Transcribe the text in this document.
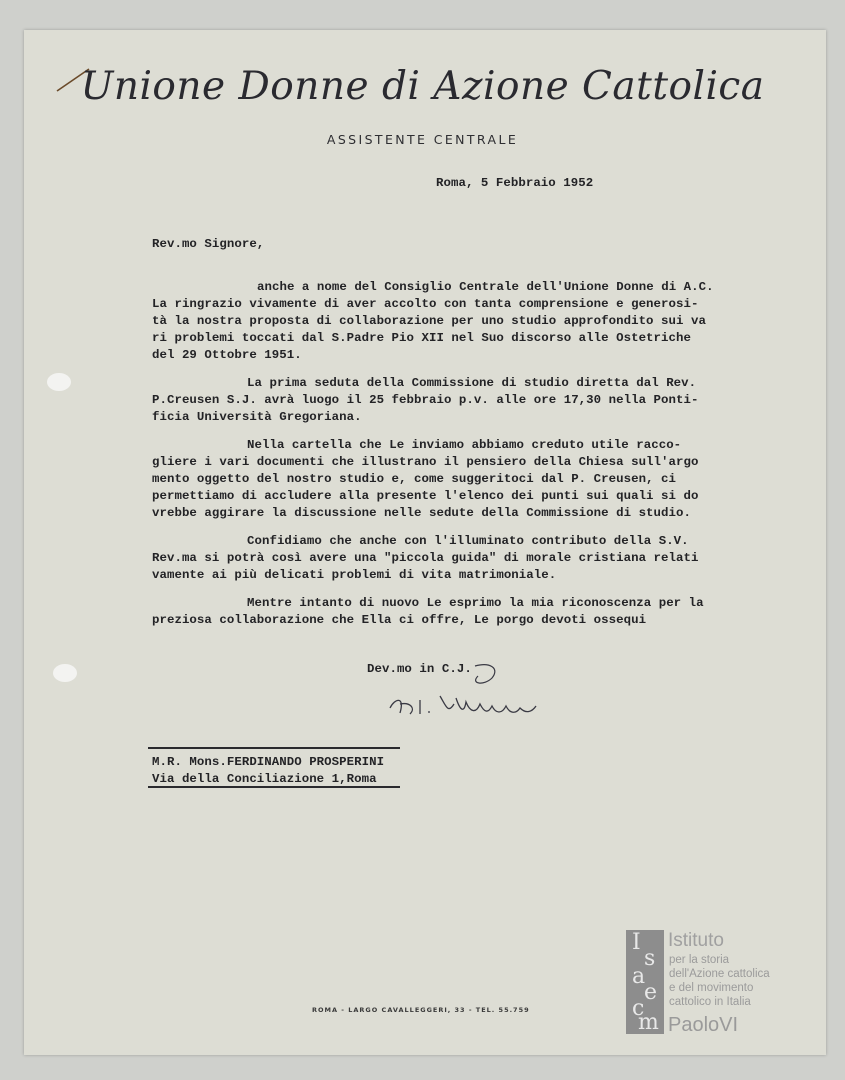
Unione Donne di Azione Cattolica
ASSISTENTE CENTRALE
Roma, 5 Febbraio 1952
Rev.mo Signore,
anche a nome del Consiglio Centrale dell'Unione Donne di A.C.
La ringrazio vivamente di aver accolto con tanta comprensione e generosi-
tà la nostra proposta di collaborazione per uno studio approfondito sui va
ri problemi toccati dal S.Padre Pio XII nel Suo discorso alle Ostetriche
del 29 Ottobre 1951.
La prima seduta della Commissione di studio diretta dal Rev.
P.Creusen S.J. avrà luogo il 25 febbraio p.v. alle ore 17,30 nella Ponti-
ficia Università Gregoriana.
Nella cartella che Le inviamo abbiamo creduto utile racco-
gliere i vari documenti che illustrano il pensiero della Chiesa sull'argo
mento oggetto del nostro studio e, come suggeritoci dal P. Creusen, ci
permettiamo di accludere alla presente l'elenco dei punti sui quali si do
vrebbe aggirare la discussione nelle sedute della Commissione di studio.
Confidiamo che anche con l'illuminato contributo della S.V.
Rev.ma si potrà così avere una "piccola guida" di morale cristiana relati
vamente ai più delicati problemi di vita matrimoniale.
Mentre intanto di nuovo Le esprimo la mia riconoscenza per la
preziosa collaborazione che Ella ci offre, Le porgo devoti ossequi
Dev.mo in C.J.
M.R. Mons.FERDINANDO PROSPERINI
Via della Conciliazione 1,Roma
ROMA - LARGO CAVALLEGGERI, 33 - TEL. 55.759
I
s
a
e
c
m
Istituto
per la storia
dell'Azione cattolica
e del movimento
cattolico in Italia
PaoloVI
